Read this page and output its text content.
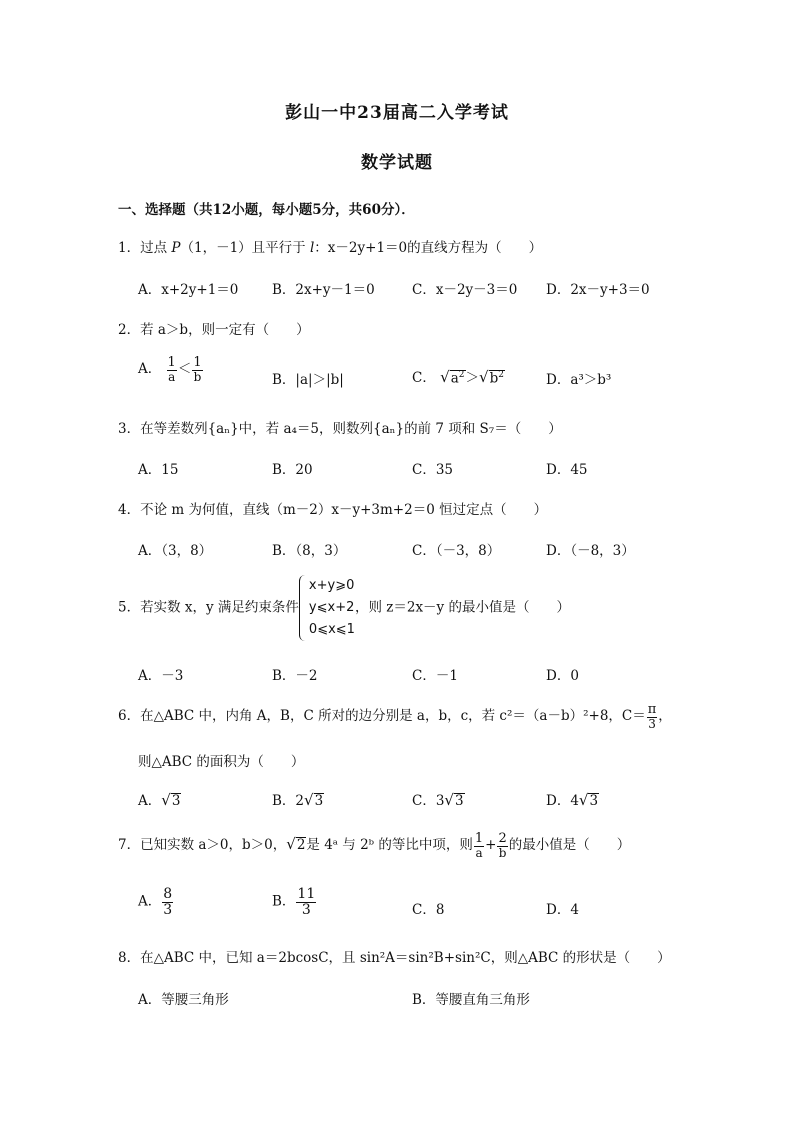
彭山一中23届高二入学考试
数学试题
一、选择题（共12小题，每小题5分，共60分）．
1．过点 P（1，－1）且平行于 l：x－2y+1＝0的直线方程为（　　）
A．x+2y+1＝0 B．2x+y－1＝0	C．x－2y－3＝0 D．2x－y+3＝0
2．若 a＞b，则一定有（　　）
A． $\frac{1}{a} < \frac{1}{b}$	B．|a|＞|b|	C． $√a^2>√b^2$	D．a³＞b³
3．在等差数列{aₙ}中，若 a₄＝5，则数列{aₙ}的前 7 项和 S₇＝（　　）
A．15	B．20	C．35	D．45
4．不论 m 为何值，直线（m－2）x－y+3m+2＝0 恒过定点（　　）
A．（3，8）	B．（8，3）	C．（－3，8）	D．（－8，3）
5．若实数 x，y 满足约束条件
x+y⩾0
y⩽x+2
0⩽x⩽1
，则 z＝2x－y 的最小值是（　　）
A．－3	B．－2	C．－1	D．0
6．在△ABC 中，内角 A，B，C 所对的边分别是 a，b，c，若 c²＝（a－b）²+8，$C= \frac{\pi}{3}$ ，
则△ABC 的面积为（　　）
A．√3	B．2√3	C．3√3	D．4√3
7．已知实数 a＞0，b＞0，√2是 4ᵃ 与 2ᵇ 的等比中项，则 $\frac{1}{a} + \frac{2}{b}$ 的最小值是（　　）
A． $\frac{8}{3}$	B． $\frac{11}{3}$	C．8	D．4
8．在△ABC 中，已知 a＝2bcosC，且 sin²A＝sin²B+sin²C，则△ABC 的形状是（　　）
A．等腰三角形	B．等腰直角三角形
